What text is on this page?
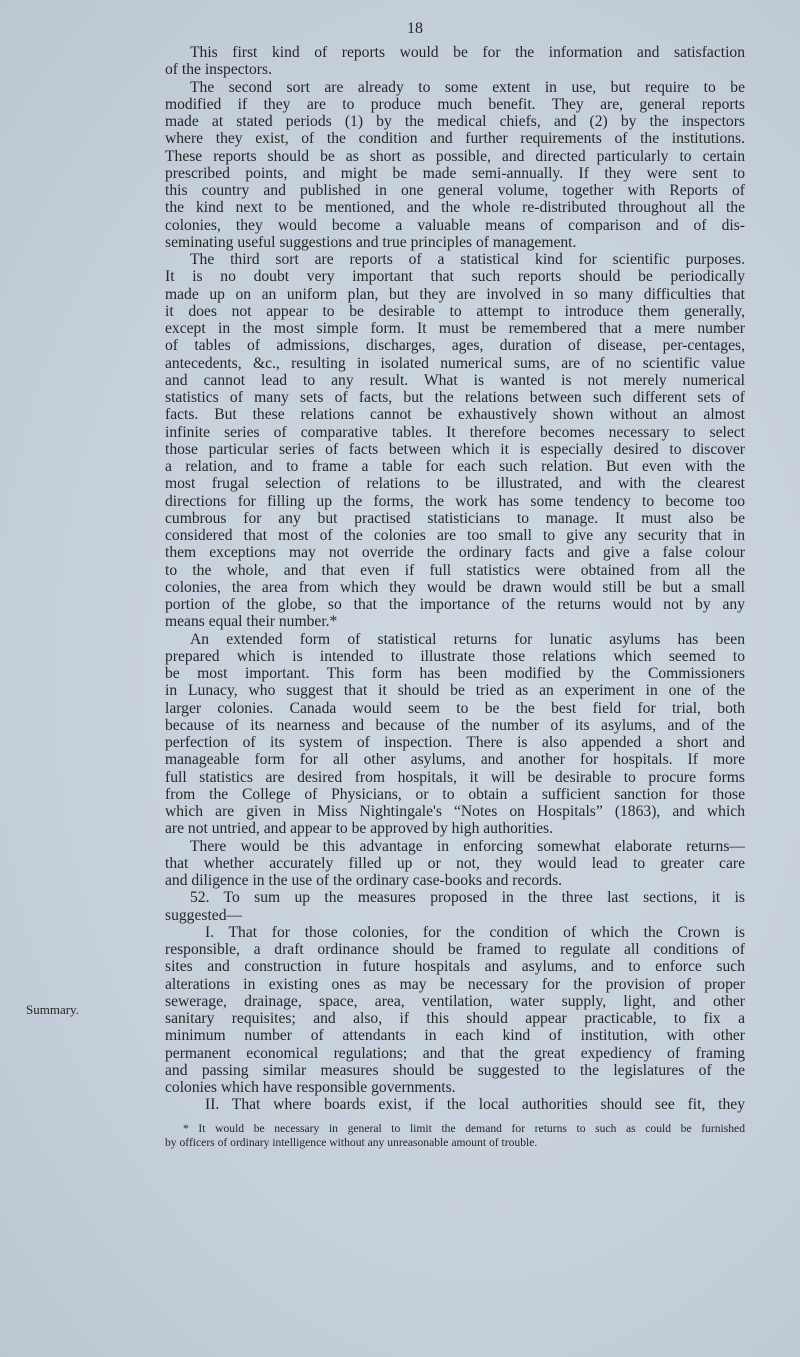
18
Summary.
This first kind of reports would be for the information and satisfaction
of the inspectors.
The second sort are already to some extent in use, but require to be
modified if they are to produce much benefit. They are, general reports
made at stated periods (1) by the medical chiefs, and (2) by the inspectors
where they exist, of the condition and further requirements of the institutions.
These reports should be as short as possible, and directed particularly to certain
prescribed points, and might be made semi-annually. If they were sent to
this country and published in one general volume, together with Reports of
the kind next to be mentioned, and the whole re-distributed throughout all the
colonies, they would become a valuable means of comparison and of dis-
seminating useful suggestions and true principles of management.
The third sort are reports of a statistical kind for scientific purposes.
It is no doubt very important that such reports should be periodically
made up on an uniform plan, but they are involved in so many difficulties that
it does not appear to be desirable to attempt to introduce them generally,
except in the most simple form. It must be remembered that a mere number
of tables of admissions, discharges, ages, duration of disease, per-centages,
antecedents, &c., resulting in isolated numerical sums, are of no scientific value
and cannot lead to any result. What is wanted is not merely numerical
statistics of many sets of facts, but the relations between such different sets of
facts. But these relations cannot be exhaustively shown without an almost
infinite series of comparative tables. It therefore becomes necessary to select
those particular series of facts between which it is especially desired to discover
a relation, and to frame a table for each such relation. But even with the
most frugal selection of relations to be illustrated, and with the clearest
directions for filling up the forms, the work has some tendency to become too
cumbrous for any but practised statisticians to manage. It must also be
considered that most of the colonies are too small to give any security that in
them exceptions may not override the ordinary facts and give a false colour
to the whole, and that even if full statistics were obtained from all the
colonies, the area from which they would be drawn would still be but a small
portion of the globe, so that the importance of the returns would not by any
means equal their number.*
An extended form of statistical returns for lunatic asylums has been
prepared which is intended to illustrate those relations which seemed to
be most important. This form has been modified by the Commissioners
in Lunacy, who suggest that it should be tried as an experiment in one of the
larger colonies. Canada would seem to be the best field for trial, both
because of its nearness and because of the number of its asylums, and of the
perfection of its system of inspection. There is also appended a short and
manageable form for all other asylums, and another for hospitals. If more
full statistics are desired from hospitals, it will be desirable to procure forms
from the College of Physicians, or to obtain a sufficient sanction for those
which are given in Miss Nightingale's “Notes on Hospitals” (1863), and which
are not untried, and appear to be approved by high authorities.
There would be this advantage in enforcing somewhat elaborate returns—
that whether accurately filled up or not, they would lead to greater care
and diligence in the use of the ordinary case-books and records.
52. To sum up the measures proposed in the three last sections, it is
suggested—
I. That for those colonies, for the condition of which the Crown is
responsible, a draft ordinance should be framed to regulate all conditions of
sites and construction in future hospitals and asylums, and to enforce such
alterations in existing ones as may be necessary for the provision of proper
sewerage, drainage, space, area, ventilation, water supply, light, and other
sanitary requisites; and also, if this should appear practicable, to fix a
minimum number of attendants in each kind of institution, with other
permanent economical regulations; and that the great expediency of framing
and passing similar measures should be suggested to the legislatures of the
colonies which have responsible governments.
II. That where boards exist, if the local authorities should see fit, they
* It would be necessary in general to limit the demand for returns to such as could be furnished
by officers of ordinary intelligence without any unreasonable amount of trouble.
